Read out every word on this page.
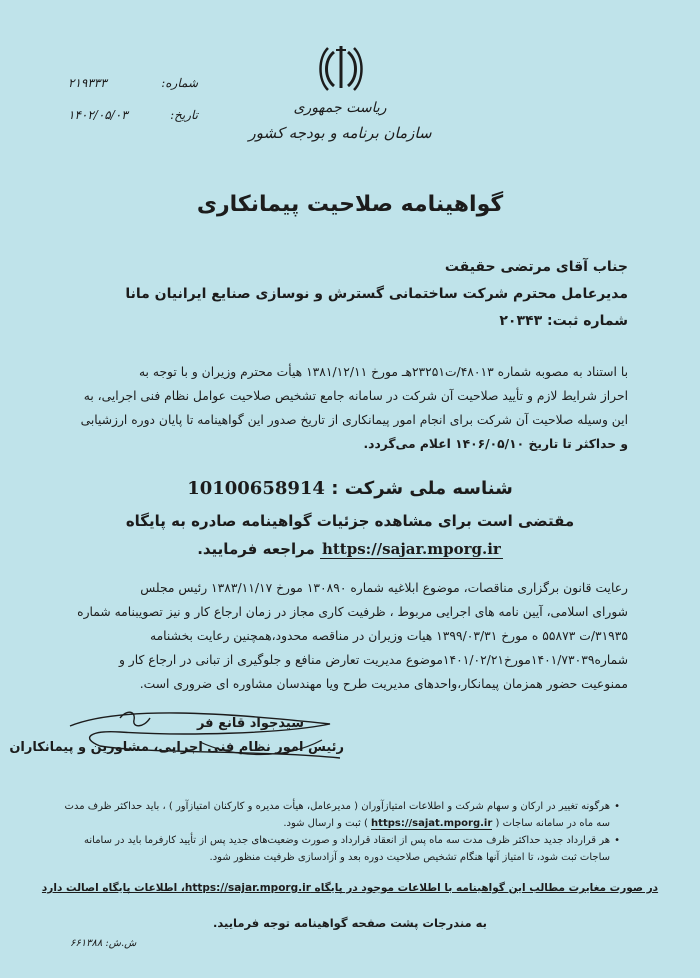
ریاست جمهوری
سازمان برنامه و بودجه کشور
شماره:
۲۱۹۳۳۳
تاریخ:
۱۴۰۲/۰۵/۰۳
گواهینامه صلاحیت پیمانکاری
جناب آقای مرتضی حقیقت
مدیرعامل محترم شرکت ساختمانی گسترش و نوسازی صنایع ایرانیان مانا
شماره ثبت: ۲۰۳۴۳
با استناد به مصوبه شماره ۴۸۰۱۳/ت۲۳۲۵۱هـ مورخ ۱۳۸۱/۱۲/۱۱ هیأت محترم وزیران و با توجه به
احراز شرایط لازم و تأیید صلاحیت آن شرکت در سامانه جامع تشخیص صلاحیت عوامل نظام فنی اجرایی، به
این وسیله صلاحیت آن شرکت برای انجام امور پیمانکاری از تاریخ صدور این گواهینامه تا پایان دوره ارزشیابی
و حداکثر تا تاریخ ۱۴۰۶/۰۵/۱۰ اعلام می‌گردد.
شناسه ملی شرکت : 10100658914
مقتضی است برای مشاهده جزئیات گواهینامه صادره به پایگاه
https://sajar.mporg.ir مراجعه فرمایید.
رعایت قانون برگزاری مناقصات، موضوع ابلاغیه شماره ۱۳۰۸۹۰ مورخ ۱۳۸۳/۱۱/۱۷ رئیس مجلس
شورای اسلامی، آیین نامه های اجرایی مربوط ، ظرفیت کاری مجاز در زمان ارجاع کار و نیز تصویبنامه شماره
۳۱۹۳۵/ت ۵۵۸۷۳ ه مورخ ۱۳۹۹/۰۳/۳۱ هیات وزیران در مناقصه محدود،همچنین رعایت بخشنامه
شماره۱۴۰۱/۷۳۰۳۹مورخ۱۴۰۱/۰۲/۲۱موضوع مدیریت تعارض منافع و جلوگیری از تبانی در ارجاع کار و
ممنوعیت حضور همزمان پیمانکار،واحدهای مدیریت طرح ویا مهندسان مشاوره ای ضروری است.
سیدجواد قانع فر
رئیس امور نظام فنی اجرایی، مشاورین و پیمانکاران
• هرگونه تغییر در ارکان و سهام شرکت و اطلاعات امتیازآوران ( مدیرعامل، هیأت مدیره و کارکنان امتیازآور ) ، باید حداکثر ظرف مدت سه ماه در سامانه ساجات ( https://sajat.mporg.ir ) ثبت و ارسال شود.
• هر قرارداد جدید حداکثر ظرف مدت سه ماه پس از انعقاد قرارداد و صورت وضعیت‌های جدید پس از تأیید کارفرما باید در سامانه ساجات ثبت شود، تا امتیاز آنها هنگام تشخیص صلاحیت دوره بعد و آزادسازی ظرفیت منظور شود.
در صورت مغایرت مطالب این گواهینامه با اطلاعات موجود در پایگاه https://sajar.mporg.ir، اطلاعات پایگاه اصالت دارد
به مندرجات پشت صفحه گواهینامه توجه فرمایید.
ش.ش: ۶۶۱۳۸۸
